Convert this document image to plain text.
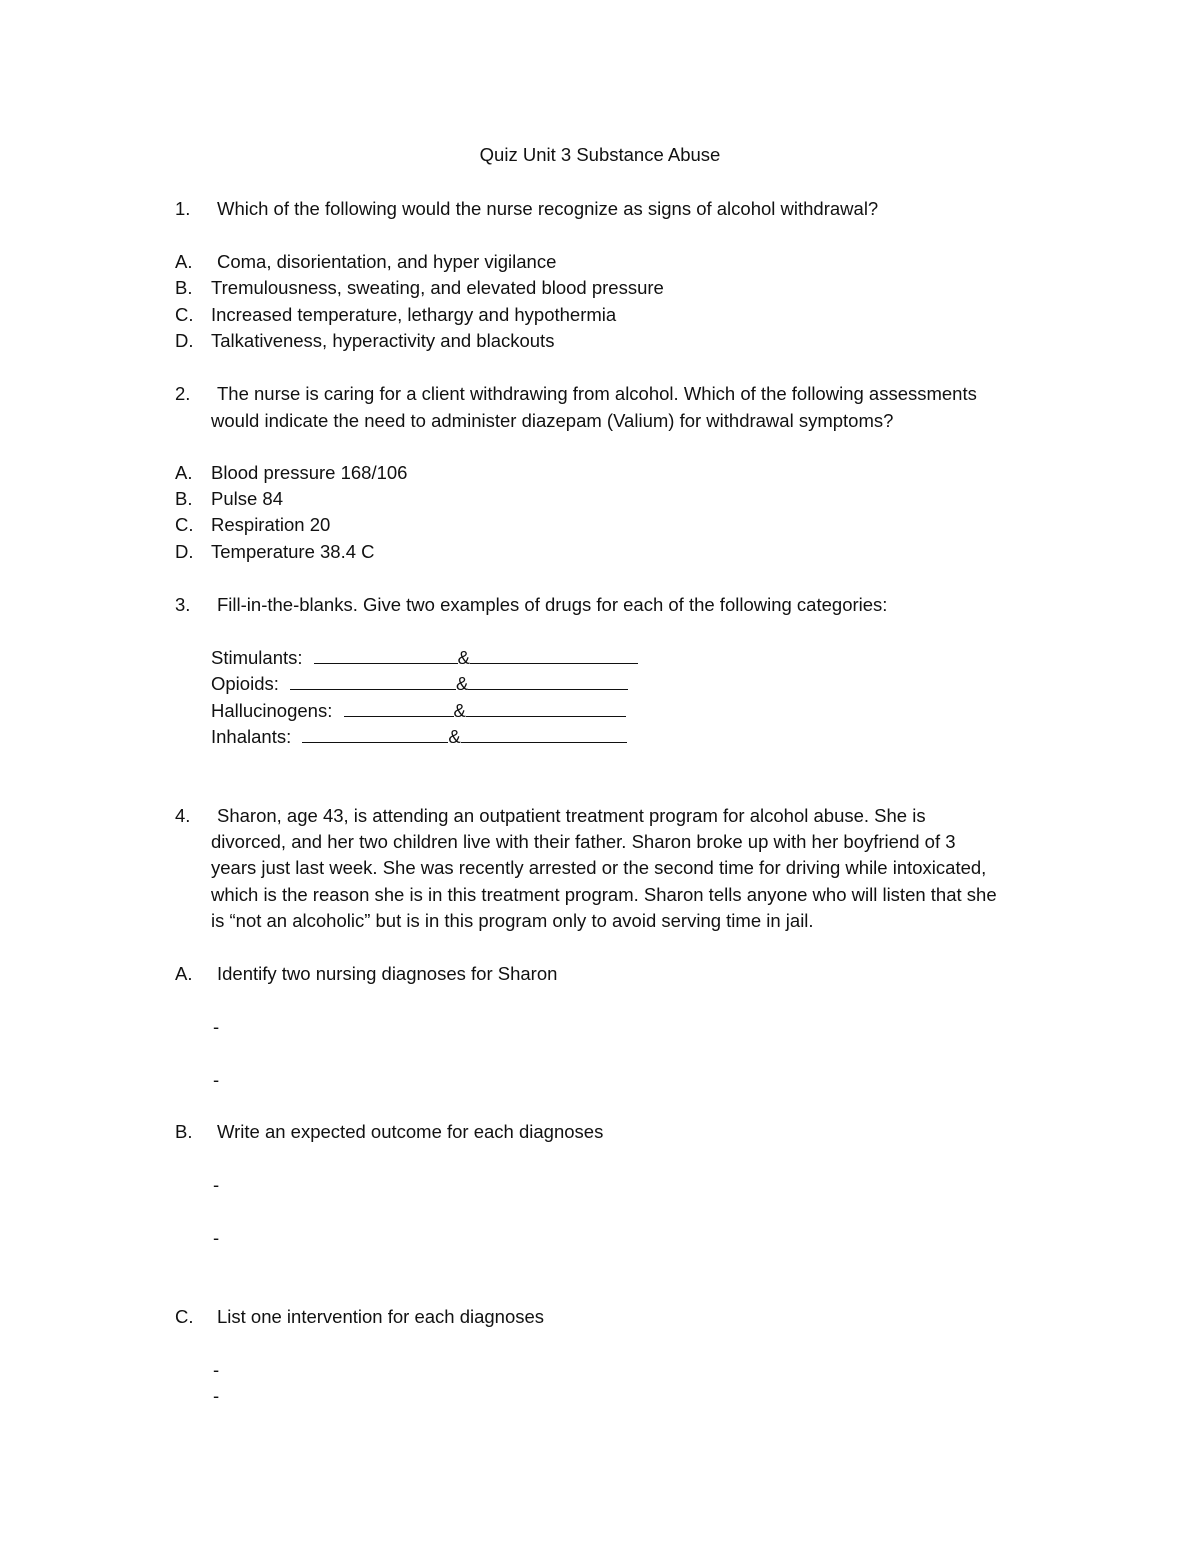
Quiz Unit 3 Substance Abuse
1. Which of the following would the nurse recognize as signs of alcohol withdrawal?
A. Coma, disorientation, and hyper vigilance
B. Tremulousness, sweating, and elevated blood pressure
C. Increased temperature, lethargy and hypothermia
D. Talkativeness, hyperactivity and blackouts
2. The nurse is caring for a client withdrawing from alcohol. Which of the following assessments
would indicate the need to administer diazepam (Valium) for withdrawal symptoms?
A. Blood pressure 168/106
B. Pulse 84
C. Respiration 20
D. Temperature 38.4 C
3. Fill-in-the-blanks. Give two examples of drugs for each of the following categories:
Stimulants:	&
Opioids:	&
Hallucinogens:	&
Inhalants:	&
4. Sharon, age 43, is attending an outpatient treatment program for alcohol abuse. She is
divorced, and her two children live with their father. Sharon broke up with her boyfriend of 3
years just last week. She was recently arrested or the second time for driving while intoxicated,
which is the reason she is in this treatment program. Sharon tells anyone who will listen that she
is “not an alcoholic” but is in this program only to avoid serving time in jail.
A. Identify two nursing diagnoses for Sharon
-
-
B. Write an expected outcome for each diagnoses
-
-
C. List one intervention for each diagnoses
-
-
